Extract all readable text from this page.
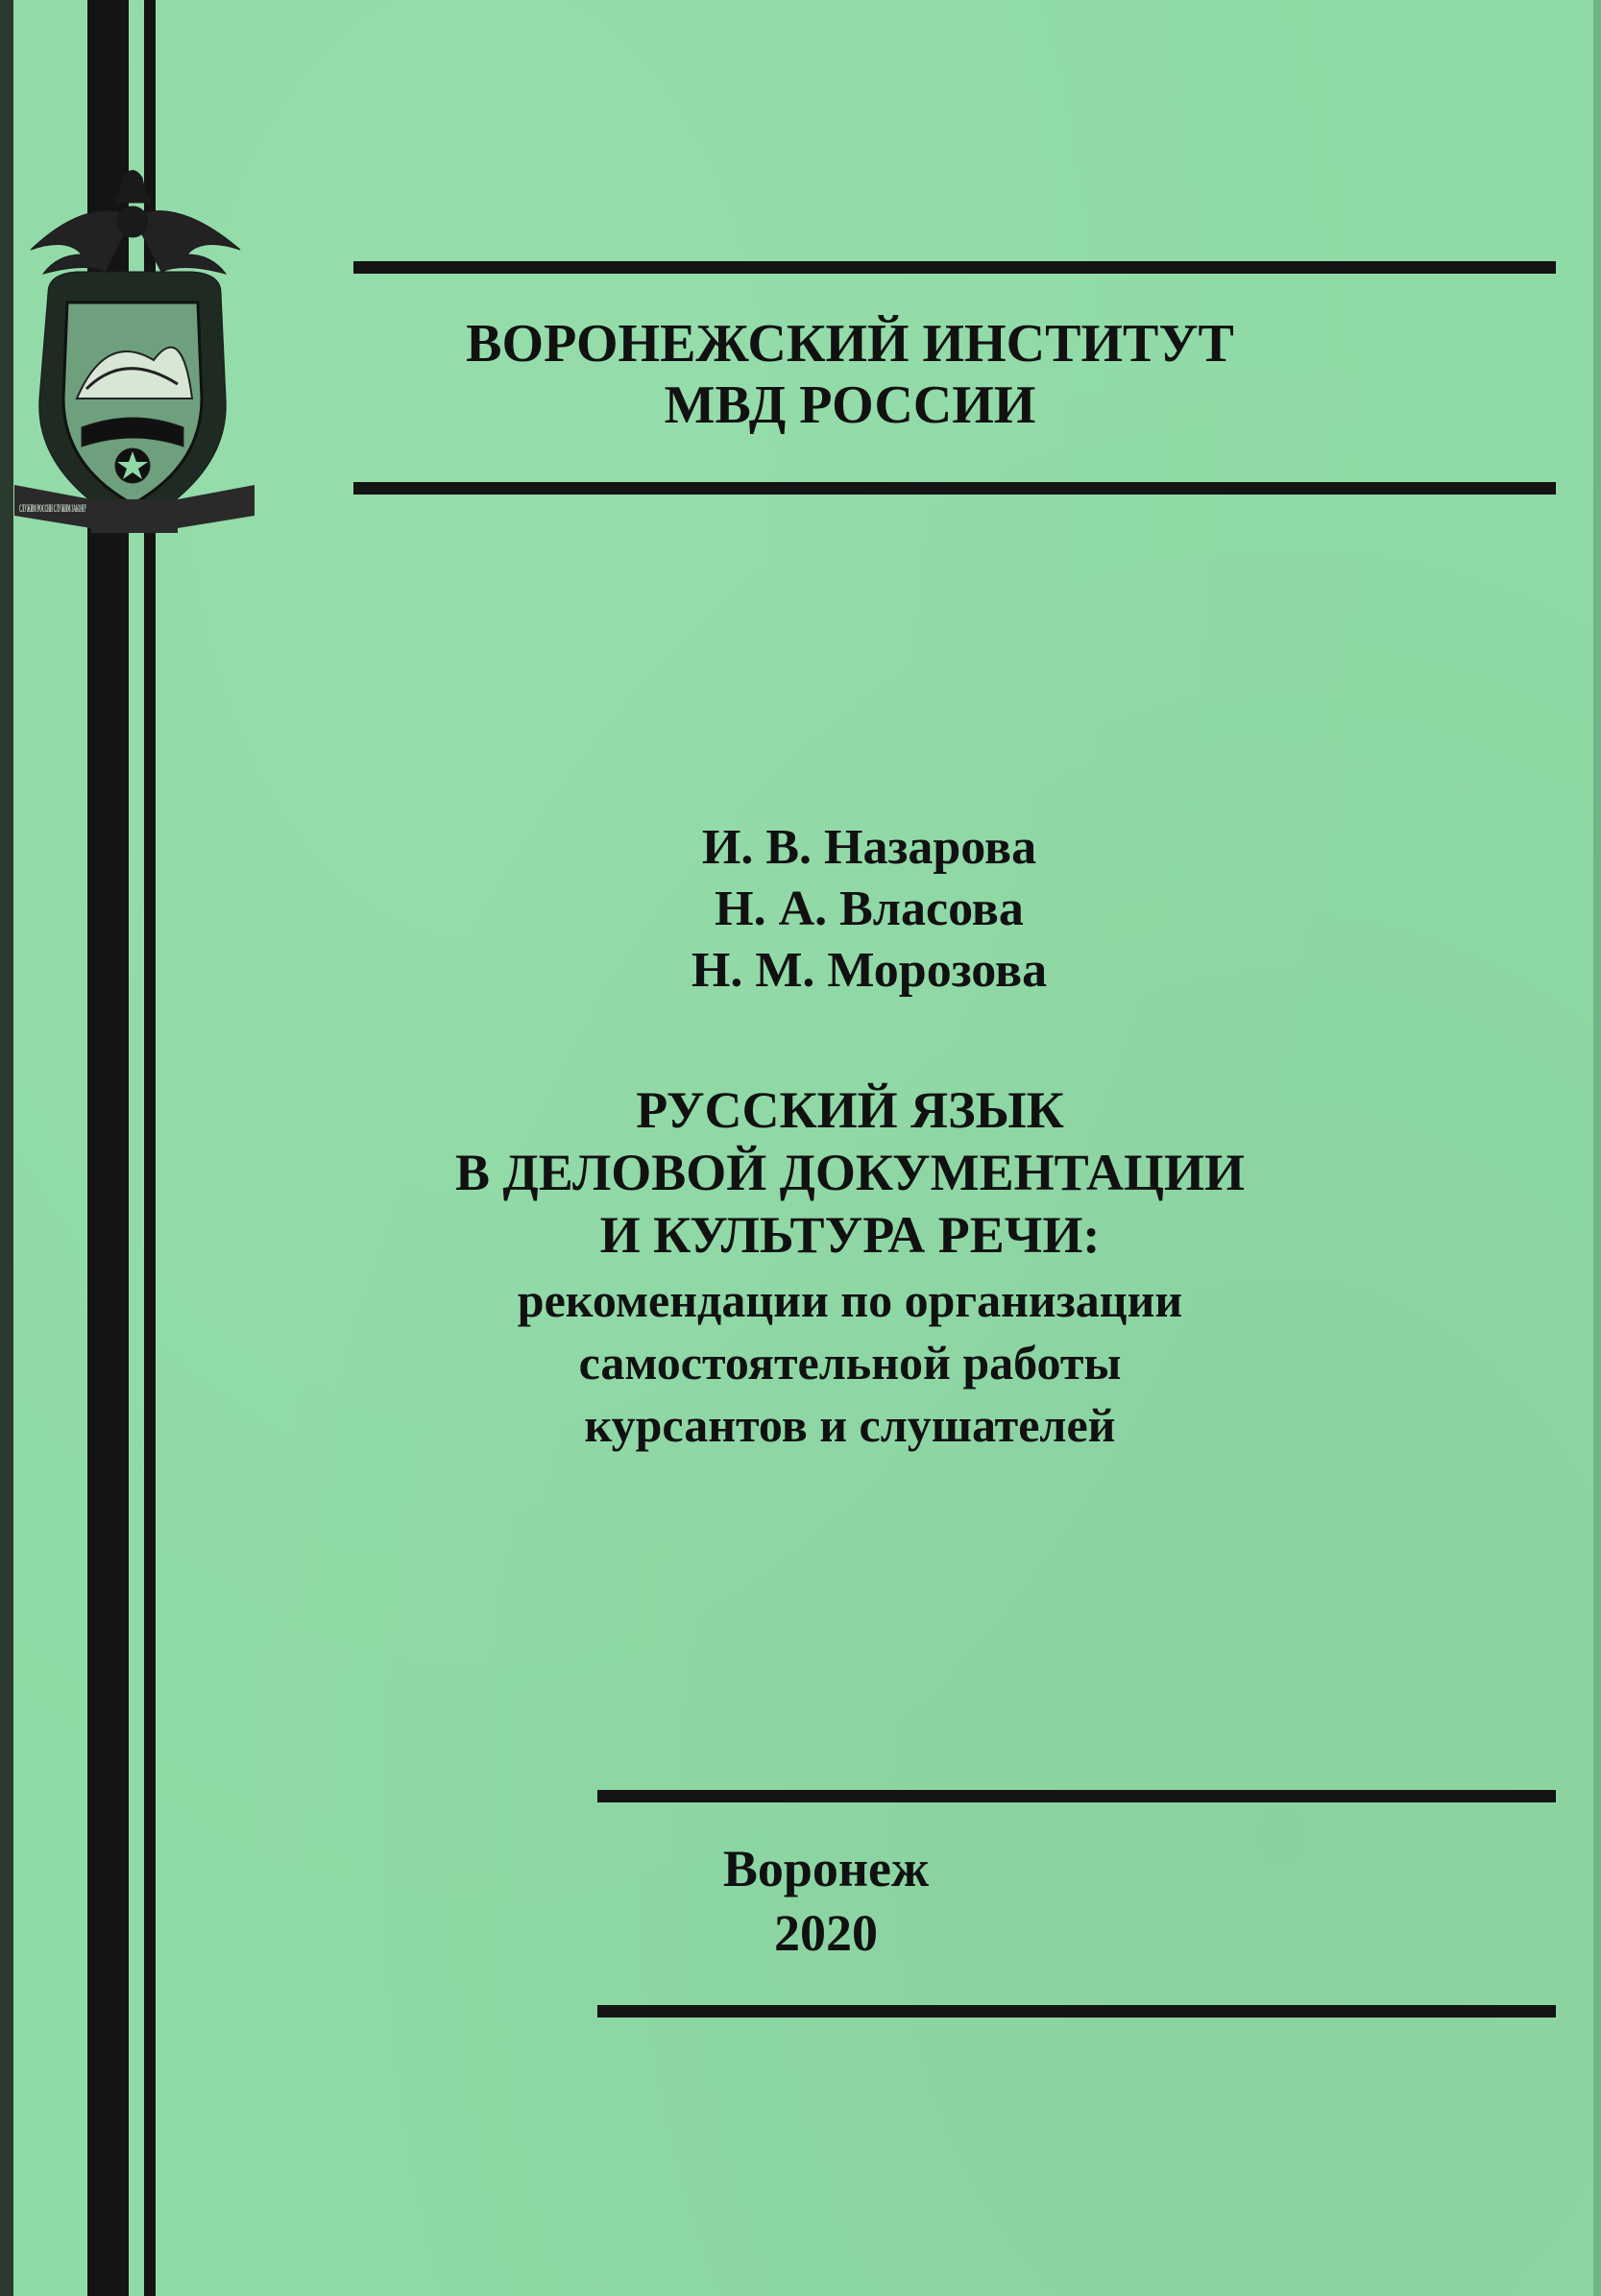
СЛУЖИМ РОССИИ СЛУЖИМ ЗАКОНУ

ВОРОНЕЖСКИЙ ИНСТИТУТ

МВД РОССИИ

И. В. Назарова

Н. А. Власова

Н. М. Морозова

РУССКИЙ ЯЗЫК

В ДЕЛОВОЙ ДОКУМЕНТАЦИИ

И КУЛЬТУРА РЕЧИ:

рекомендации по организации

самостоятельной работы

курсантов и слушателей

Воронеж

2020
